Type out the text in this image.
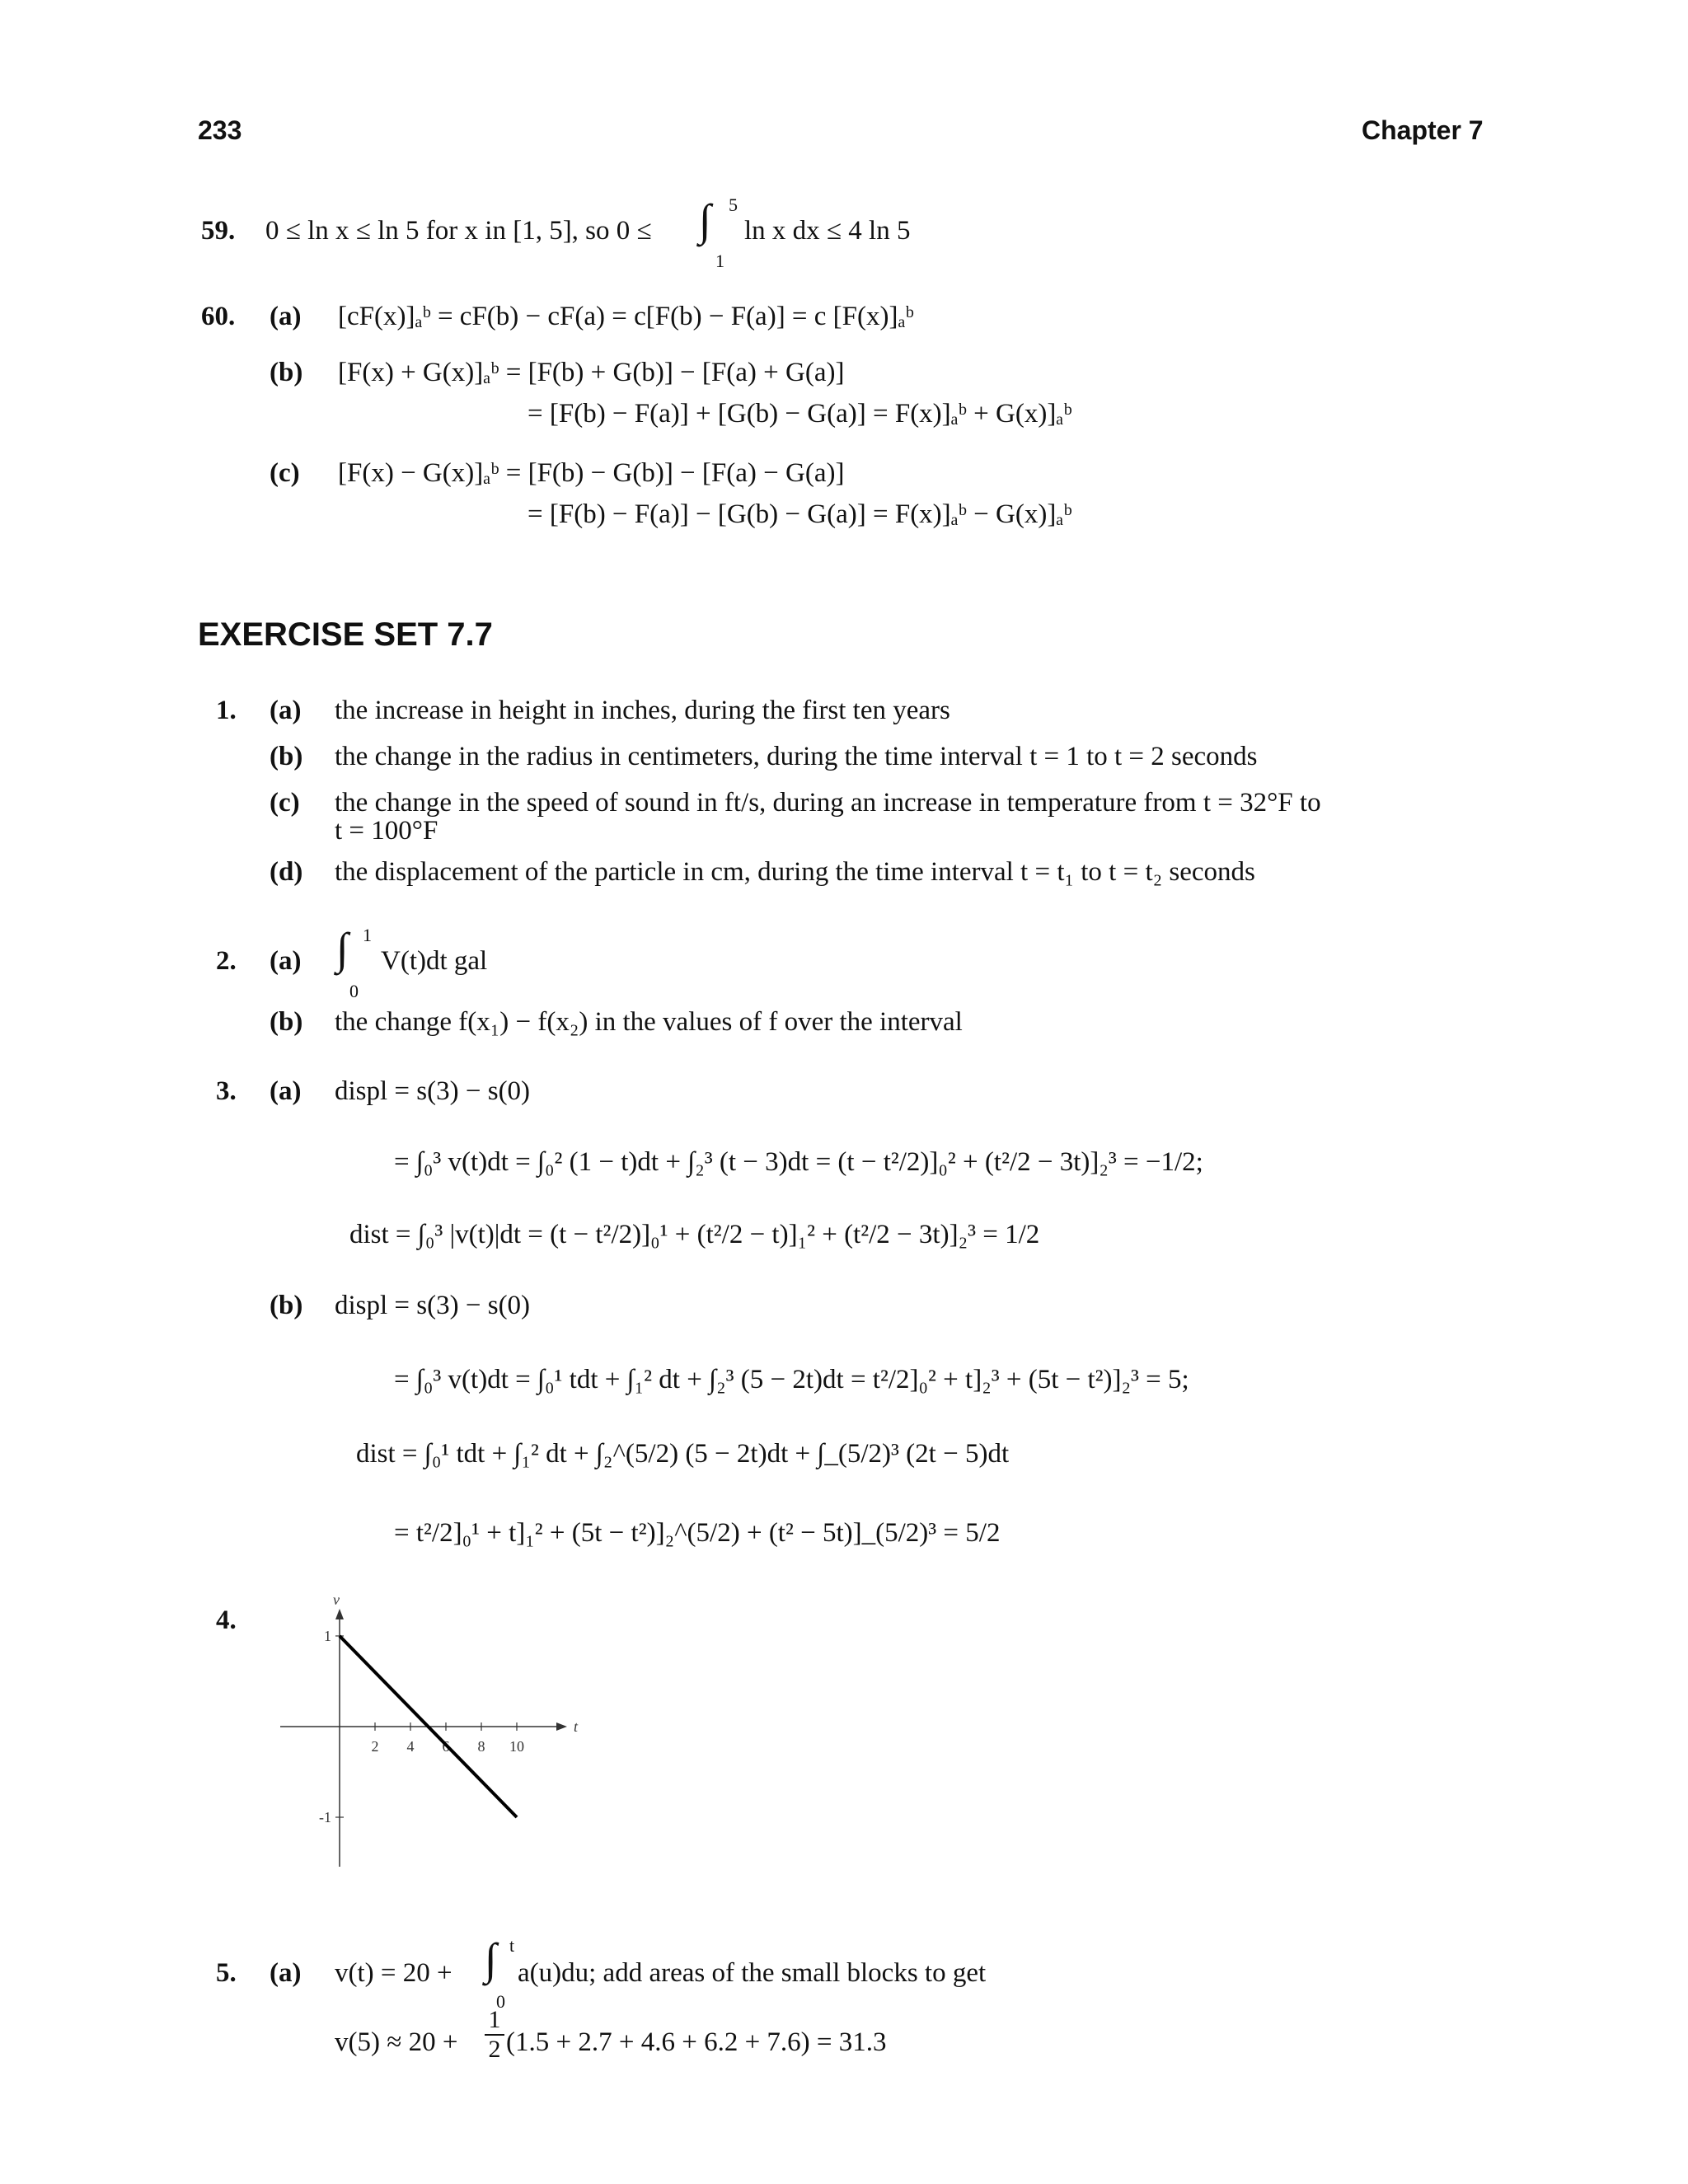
233	Chapter 7
59. 0 ≤ ln x ≤ ln 5 for x in [1, 5], so 0 ≤ ∫ 5
1
ln x dx ≤ 4 ln 5
60. (a) [cF(x)]ₐᵇ = cF(b) − cF(a) = c[F(b) − F(a)] = c [F(x)]ₐᵇ
(b) [F(x) + G(x)]ₐᵇ = [F(b) + G(b)] − [F(a) + G(a)]
= [F(b) − F(a)] + [G(b) − G(a)] = F(x)]ₐᵇ + G(x)]ₐᵇ
(c) [F(x) − G(x)]ₐᵇ = [F(b) − G(b)] − [F(a) − G(a)]
= [F(b) − F(a)] − [G(b) − G(a)] = F(x)]ₐᵇ − G(x)]ₐᵇ
EXERCISE SET 7.7
1. (a) the increase in height in inches, during the first ten years
(b) the change in the radius in centimeters, during the time interval t = 1 to t = 2 seconds
(c) the change in the speed of sound in ft/s, during an increase in temperature from t = 32°F to
t = 100°F
(d) the displacement of the particle in cm, during the time interval t = t₁ to t = t₂ seconds
2. (a) ∫ 1
0
V(t)dt gal
(b) the change f(x₁) − f(x₂) in the values of f over the interval
3. (a) displ = s(3) − s(0)
= ∫₀³ v(t)dt = ∫₀² (1 − t)dt + ∫₂³ (t − 3)dt = (t − t²/2)]₀² + (t²/2 − 3t)]₂³ = −1/2;
dist = ∫₀³ |v(t)|dt = (t − t²/2)]₀¹ + (t²/2 − t)]₁² + (t²/2 − 3t)]₂³ = 1/2
(b) displ = s(3) − s(0)
= ∫₀³ v(t)dt = ∫₀¹ tdt + ∫₁² dt + ∫₂³ (5 − 2t)dt = t²/2]₀² + t]₂³ + (5t − t²)]₂³ = 5;
dist = ∫₀¹ tdt + ∫₁² dt + ∫₂^(5/2) (5 − 2t)dt + ∫_(5/2)³ (2t − 5)dt
= t²/2]₀¹ + t]₁² + (5t − t²)]₂^(5/2) + (t² − 5t)]_(5/2)³ = 5/2
4.
t
v
2 4 6 8 10
1
-1
5. (a) v(t) = 20 + ∫ t
0
a(u)du; add areas of the small blocks to get
$v(5) \approx 20 + \frac{1}{2} (1.5 + 2.7 + 4.6 + 6.2 + 7.6) = 31.3$
